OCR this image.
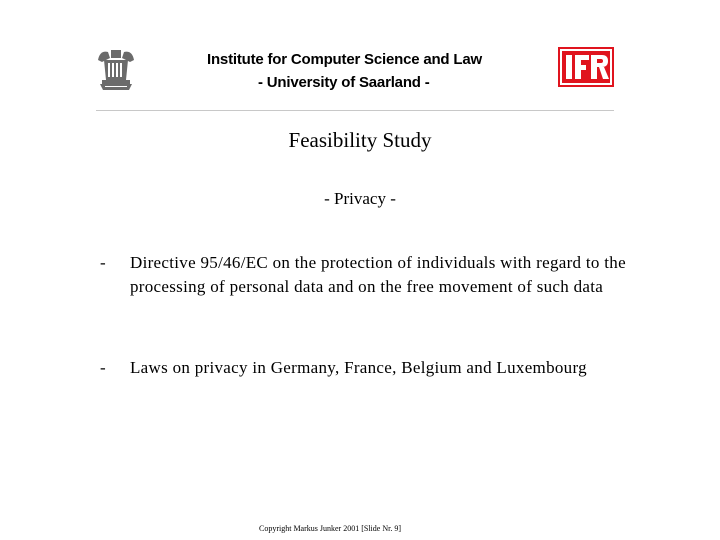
Institute for Computer Science and Law
- University of Saarland -
Feasibility Study
- Privacy -
- Directive 95/46/EC on the protection of individuals with regard to the processing of personal data and on the free movement of such data
- Laws on privacy in Germany, France, Belgium and Luxembourg
Copyright Markus Junker 2001 [Slide Nr. 9]
